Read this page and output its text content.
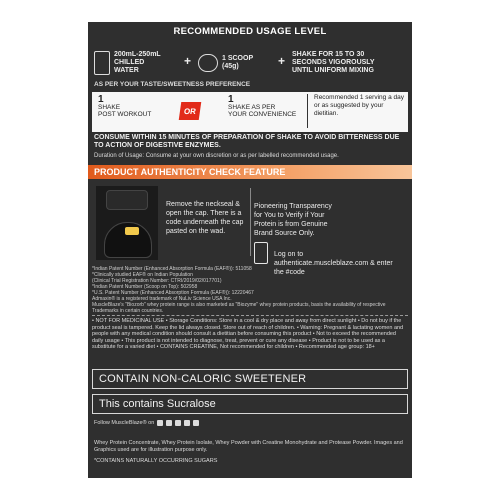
RECOMMENDED USAGE LEVEL
200mL-250mL
CHILLED
WATER
+	1 SCOOP
(45g)	+ SHAKE FOR 15 TO 30
SECONDS VIGOROUSLY
UNTIL UNIFORM MIXING
AS PER YOUR TASTE/SWEETNESS PREFERENCE
1
SHAKE
POST WORKOUT	OR
1
SHAKE AS PER
YOUR CONVENIENCE
Recommended 1 serving a day or as suggested by your dietitian.
CONSUME WITHIN 15 MINUTES OF PREPARATION OF SHAKE TO AVOID BITTERNESS DUE TO ACTION OF DIGESTIVE ENZYMES.
Duration of Usage: Consume at your own discretion or as per labelled recommended usage.
PRODUCT AUTHENTICITY CHECK FEATURE
Remove the neckseal & open the cap. There is a code underneath the cap pasted on the wad.
Pioneering Transparency for You to Verify if Your Protein is from Genuine Brand Source Only.
Log on to authenticate.muscleblaze.com & enter the #code
*Indian Patent Number (Enhanced Absorption Formula (EAF®)): 511058
*Clinically studied EAF® on Indian Population
(Clinical Trial Registration Number: CTRI/2019/02/017701)
*Indian Patent Number (Scoop on Top): 502958
*U.S. Patent Number (Enhanced Absorption Formula (EAF®)): 12220467
Admaxin® is a registered trademark of NuLiv Science USA Inc.
MuscleBlaze's "Biozorb" whey protein range is also marketed as "Biozyme" whey protein products, basis the availability of respective Trademarks in certain countries.
• NOT FOR MEDICINAL USE • Storage Conditions: Store in a cool & dry place and away from direct sunlight • Do not buy if the product seal is tampered. Keep the lid always closed. Store out of reach of children. • Warning: Pregnant & lactating women and people with any medical condition should consult a dietitian before consuming this product • Not to exceed the recommended daily usage • This product is not intended to diagnose, treat, prevent or cure any disease • Product is not to be used as a substitute for a varied diet • CONTAINS CREATINE, Not recommended for children • Recommended age group: 18+
CONTAIN NON-CALORIC SWEETENER
This contains Sucralose
Follow MuscleBlaze® on
Whey Protein Concentrate, Whey Protein Isolate, Whey Powder with Creatine Monohydrate and Protease Powder. Images and Graphics used are for illustration purpose only.
*CONTAINS NATURALLY OCCURRING SUGARS
